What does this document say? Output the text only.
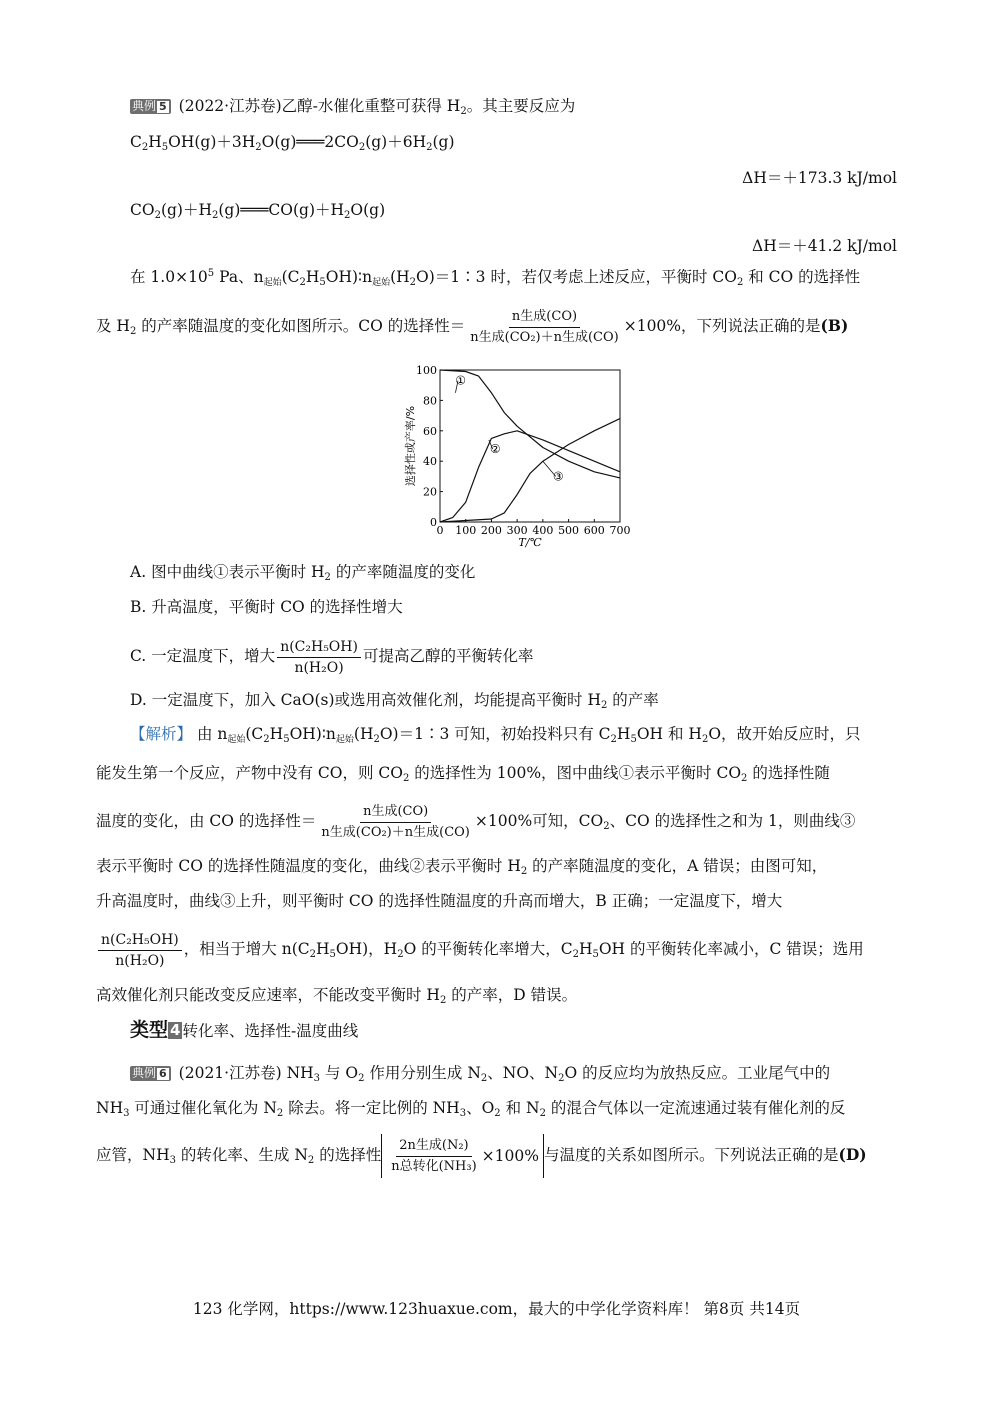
典例 5 (2022·江苏卷)乙醇-水催化重整可获得 $H_2$。其主要反应为
$C_2H_5OH(g)+3H_2O(g)═══2CO_2(g)+6H_2(g)$
ΔH＝＋173.3 kJ/mol
$CO_2(g)+H_2(g)═══CO(g)+H_2O(g)$
ΔH＝＋41.2 kJ/mol
在 $1.0\times 10^5$ Pa、$n_{起始}(C_2H_5OH)∶n_{起始}(H_2O)=1∶3$ 时，若仅考虑上述反应，平衡时 $CO_2$ 和 CO 的选择性
及 $H_2$ 的产率随温度的变化如图所示。CO 的选择性＝ $\frac{\text{n生成(CO)}}{\text{n生成(CO₂)＋n生成(CO)}} \times 100\%$，下列说法正确的是(B)
0 100 200 300 400 500 600 700
0
20
40
60
80
100
T/℃
选择性或产率/%
①
②
③
A. 图中曲线①表示平衡时 $H_2$ 的产率随温度的变化
B. 升高温度，平衡时 CO 的选择性增大
C. 一定温度下，增大 $\frac{\text{n(C₂H₅OH)}}{\text{n(H₂O)}}$ 可提高乙醇的平衡转化率
D. 一定温度下，加入 CaO(s)或选用高效催化剂，均能提高平衡时 $H_2$ 的产率
【解析】 由 $n_{起始}(C_2H_5OH)∶n_{起始}(H_2O)=1∶3$ 可知，初始投料只有 $C_2H_5OH$ 和 $H_2O$，故开始反应时，只
能发生第一个反应，产物中没有 CO，则 $CO_2$ 的选择性为 100%，图中曲线①表示平衡时 $CO_2$ 的选择性随
温度的变化，由 CO 的选择性＝ $\frac{\text{n生成(CO)}}{\text{n生成(CO₂)＋n生成(CO)}} \times 100\%$可知，$CO_2$、CO 的选择性之和为 1，则曲线③
表示平衡时 CO 的选择性随温度的变化，曲线②表示平衡时 $H_2$ 的产率随温度的变化，A 错误；由图可知，
升高温度时，曲线③上升，则平衡时 CO 的选择性随温度的升高而增大，B 正确；一定温度下，增大
$\frac{\text{n(C₂H₅OH)}}{\text{n(H₂O)}}$ ，相当于增大 $n(C_2H_5OH)$，$H_2O$ 的平衡转化率增大，$C_2H_5OH$ 的平衡转化率减小，C 错误；选用
高效催化剂只能改变反应速率，不能改变平衡时 $H_2$ 的产率，D 错误。
类型 4 转化率、选择性-温度曲线
典例 6 (2021·江苏卷) $NH_3$ 与 $O_2$ 作用分别生成 $N_2$、NO、$N_2O$ 的反应均为放热反应。工业尾气中的
$NH_3$ 可通过催化氧化为 $N_2$ 除去。将一定比例的 $NH_3$、$O_2$ 和 $N_2$ 的混合气体以一定流速通过装有催化剂的反
应管，$NH_3$ 的转化率、生成 $N_2$ 的选择性 $\frac{\text{2n生成(N₂)}}{\text{n总转化(NH₃)}} \times 100\%$ 与温度的关系如图所示。下列说法正确的是(D)
123 化学网，https://www.123huaxue.com，最大的中学化学资料库！ 第8页 共14页
